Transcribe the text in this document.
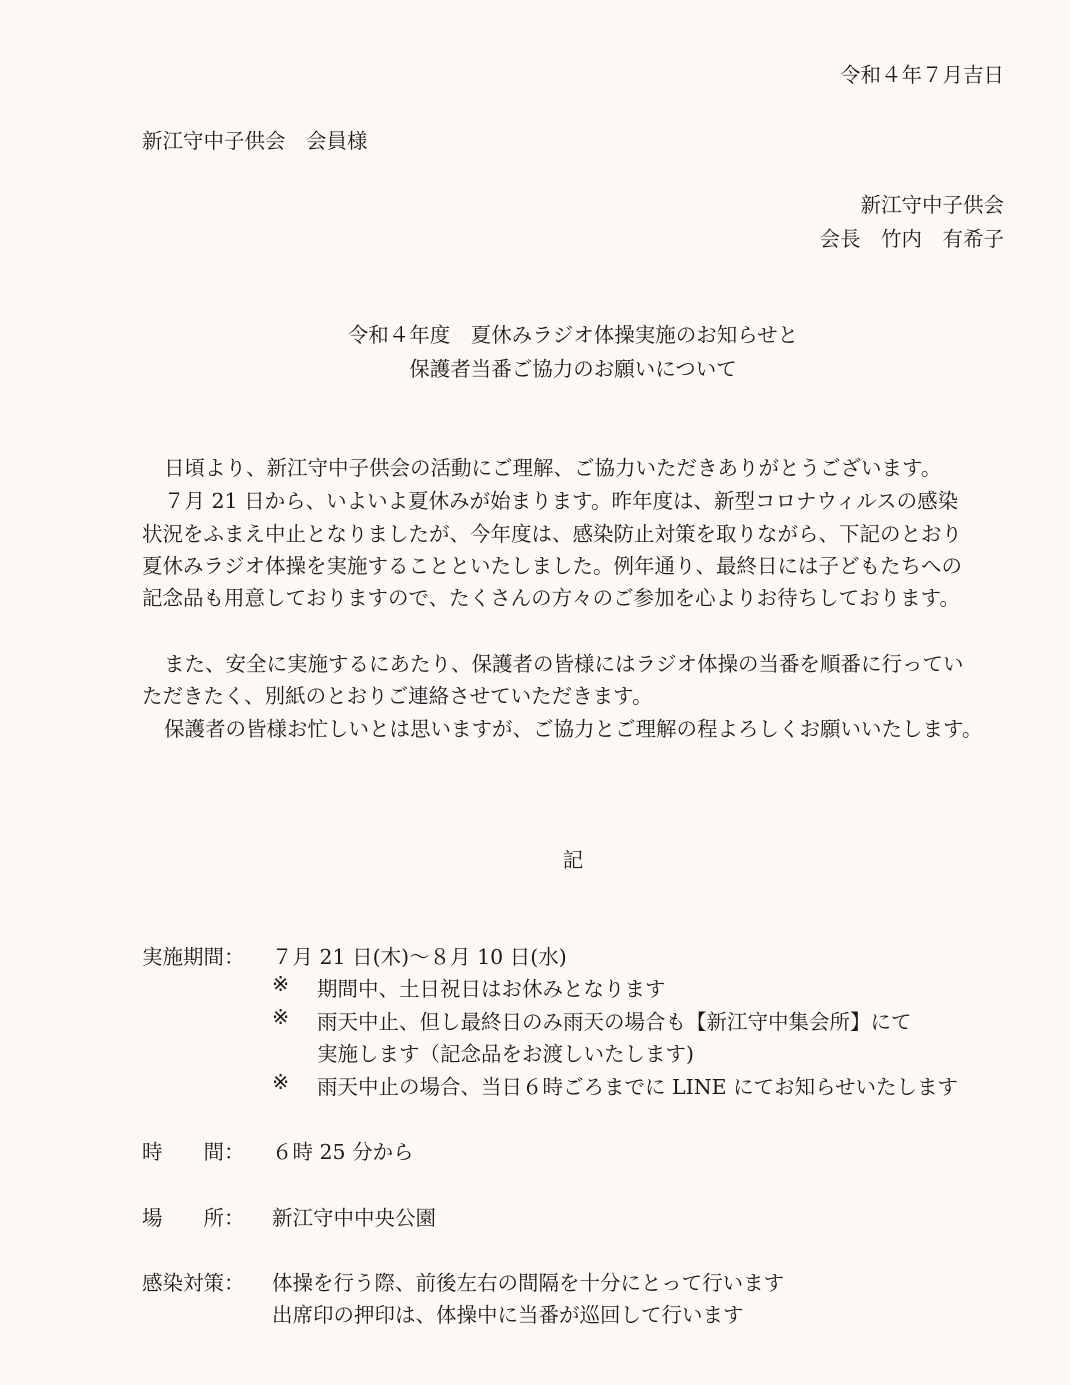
令和４年７月吉日
新江守中子供会　会員様
新江守中子供会
会長　竹内　有希子
令和４年度　夏休みラジオ体操実施のお知らせと
保護者当番ご協力のお願いについて
日頃より、新江守中子供会の活動にご理解、ご協力いただきありがとうございます。
７月 21 日から、いよいよ夏休みが始まります。昨年度は、新型コロナウィルスの感染
状況をふまえ中止となりましたが、今年度は、感染防止対策を取りながら、下記のとおり
夏休みラジオ体操を実施することといたしました。例年通り、最終日には子どもたちへの
記念品も用意しておりますので、たくさんの方々のご参加を心よりお待ちしております。
また、安全に実施するにあたり、保護者の皆様にはラジオ体操の当番を順番に行ってい
ただきたく、別紙のとおりご連絡させていただきます。
保護者の皆様お忙しいとは思いますが、ご協力とご理解の程よろしくお願いいたします。
記
実施期間： ７月 21 日(木)～８月 10 日(水)
※ 期間中、土日祝日はお休みとなります
※ 雨天中止、但し最終日のみ雨天の場合も【新江守中集会所】にて
実施します（記念品をお渡しいたします)
※ 雨天中止の場合、当日６時ごろまでに LINE にてお知らせいたします
時　　間： ６時 25 分から
場　　所： 新江守中中央公園
感染対策： 体操を行う際、前後左右の間隔を十分にとって行います
出席印の押印は、体操中に当番が巡回して行います
